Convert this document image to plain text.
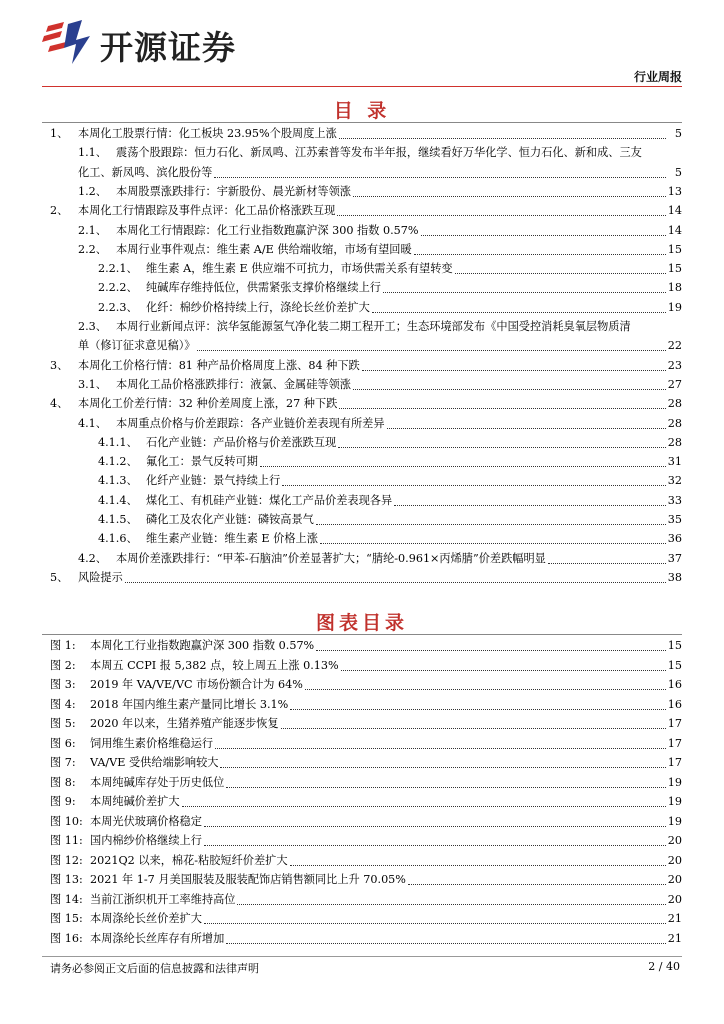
开源证券
行业周报
目 录
1、 本周化工股票行情：化工板块 23.95%个股周度上涨	5
1.1、 震荡个股跟踪：恒力石化、新凤鸣、江苏索普等发布半年报，继续看好万华化学、恒力石化、新和成、三友
化工、新凤鸣、滨化股份等	5
1.2、 本周股票涨跌排行：宇新股份、晨光新材等领涨	13
2、 本周化工行情跟踪及事件点评：化工品价格涨跌互现	14
2.1、 本周化工行情跟踪：化工行业指数跑赢沪深 300 指数 0.57%	14
2.2、 本周行业事件观点：维生素 A/E 供给端收缩，市场有望回暖	15
2.2.1、 维生素 A，维生素 E 供应端不可抗力，市场供需关系有望转变	15
2.2.2、 纯碱库存维持低位，供需紧张支撑价格继续上行	18
2.2.3、 化纤：棉纱价格持续上行，涤纶长丝价差扩大	19
2.3、 本周行业新闻点评：滨华氢能源氢气净化装二期工程开工；生态环境部发布《中国受控消耗臭氧层物质清
单（修订征求意见稿）》	22
3、 本周化工价格行情：81 种产品价格周度上涨、84 种下跌	23
3.1、 本周化工品价格涨跌排行：液氯、金属硅等领涨	27
4、 本周化工价差行情：32 种价差周度上涨，27 种下跌	28
4.1、 本周重点价格与价差跟踪：各产业链价差表现有所差异	28
4.1.1、 石化产业链：产品价格与价差涨跌互现	28
4.1.2、 氟化工：景气反转可期	31
4.1.3、 化纤产业链：景气持续上行	32
4.1.4、 煤化工、有机硅产业链：煤化工产品价差表现各异	33
4.1.5、 磷化工及农化产业链：磷铵高景气	35
4.1.6、 维生素产业链：维生素 E 价格上涨	36
4.2、 本周价差涨跌排行：“甲苯-石脑油”价差显著扩大；“腈纶-0.961×丙烯腈”价差跌幅明显	37
5、 风险提示	38
图表目录
图 1:	本周化工行业指数跑赢沪深 300 指数 0.57%	15
图 2:	本周五 CCPI 报 5,382 点，较上周五上涨 0.13%	15
图 3:	2019 年 VA/VE/VC 市场份额合计为 64%	16
图 4:	2018 年国内维生素产量同比增长 3.1%	16
图 5:	2020 年以来，生猪养殖产能逐步恢复	17
图 6:	饲用维生素价格维稳运行	17
图 7:	VA/VE 受供给端影响较大	17
图 8:	本周纯碱库存处于历史低位	19
图 9:	本周纯碱价差扩大	19
图 10: 本周光伏玻璃价格稳定	19
图 11: 国内棉纱价格继续上行	20
图 12: 2021Q2 以来，棉花-粘胶短纤价差扩大	20
图 13: 2021 年 1-7 月美国服装及服装配饰店销售额同比上升 70.05%	20
图 14: 当前江浙织机开工率维持高位	20
图 15: 本周涤纶长丝价差扩大	21
图 16: 本周涤纶长丝库存有所增加	21
请务必参阅正文后面的信息披露和法律声明	2 / 40
